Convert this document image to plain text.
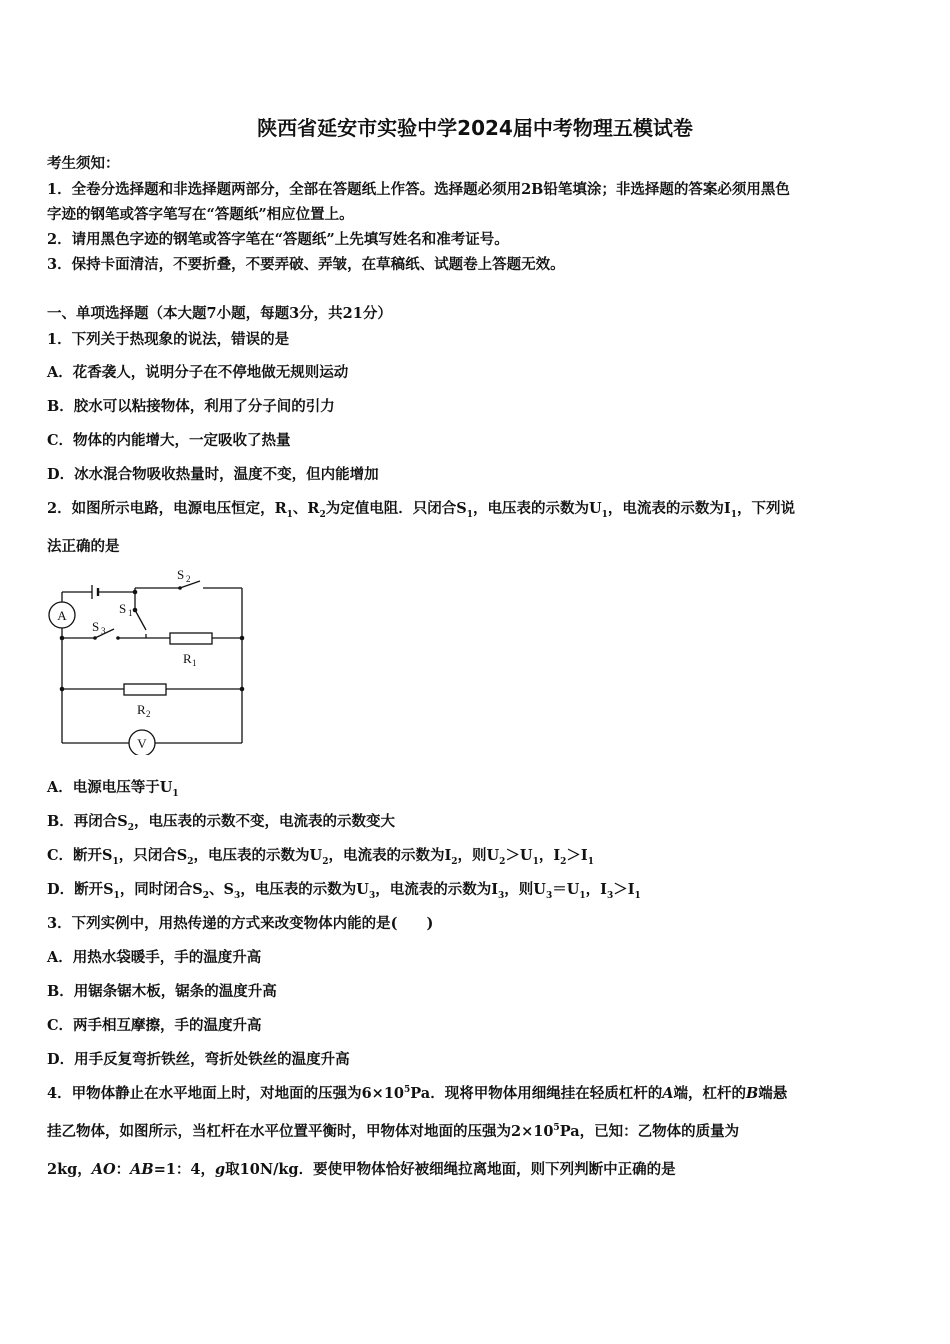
陕西省延安市实验中学2024届中考物理五模试卷
考生须知：
1．全卷分选择题和非选择题两部分，全部在答题纸上作答。选择题必须用2B铅笔填涂；非选择题的答案必须用黑色
字迹的钢笔或答字笔写在“答题纸”相应位置上。
2．请用黑色字迹的钢笔或答字笔在“答题纸”上先填写姓名和准考证号。
3．保持卡面清洁，不要折叠，不要弄破、弄皱，在草稿纸、试题卷上答题无效。
一、单项选择题（本大题7小题，每题3分，共21分）
1．下列关于热现象的说法，错误的是
A．花香袭人，说明分子在不停地做无规则运动
B．胶水可以粘接物体，利用了分子间的引力
C．物体的内能增大，一定吸收了热量
D．冰水混合物吸收热量时，温度不变，但内能增加
2．如图所示电路，电源电压恒定，$R_1$、$R_2$为定值电阻．只闭合$S_1$，电压表的示数为$U_1$，电流表的示数为$I_1$，下列说
法正确的是
A
V
S 2
S 1
S 3
R 1
R 2
A．电源电压等于$U_1$
B．再闭合$S_2$，电压表的示数不变，电流表的示数变大
C．断开$S_1$，只闭合$S_2$，电压表的示数为$U_2$，电流表的示数为$I_2$，则$U_2>U_1$，$I_2>I_1$
D．断开$S_1$，同时闭合$S_2$、$S_3$，电压表的示数为$U_3$，电流表的示数为$I_3$，则$U_3=U_1$，$I_3>I_1$
3．下列实例中，用热传递的方式来改变物体内能的是(　　)
A．用热水袋暖手，手的温度升高
B．用锯条锯木板，锯条的温度升高
C．两手相互摩擦，手的温度升高
D．用手反复弯折铁丝，弯折处铁丝的温度升高
4．甲物体静止在水平地面上时，对地面的压强为$6\times 10^5Pa$．现将甲物体用细绳挂在轻质杠杆的A端，杠杆的B端悬
挂乙物体，如图所示，当杠杆在水平位置平衡时，甲物体对地面的压强为$2\times 10^5Pa$，已知：乙物体的质量为
2kg，AO：AB=1：4，g取10N/kg．要使甲物体恰好被细绳拉离地面，则下列判断中正确的是
